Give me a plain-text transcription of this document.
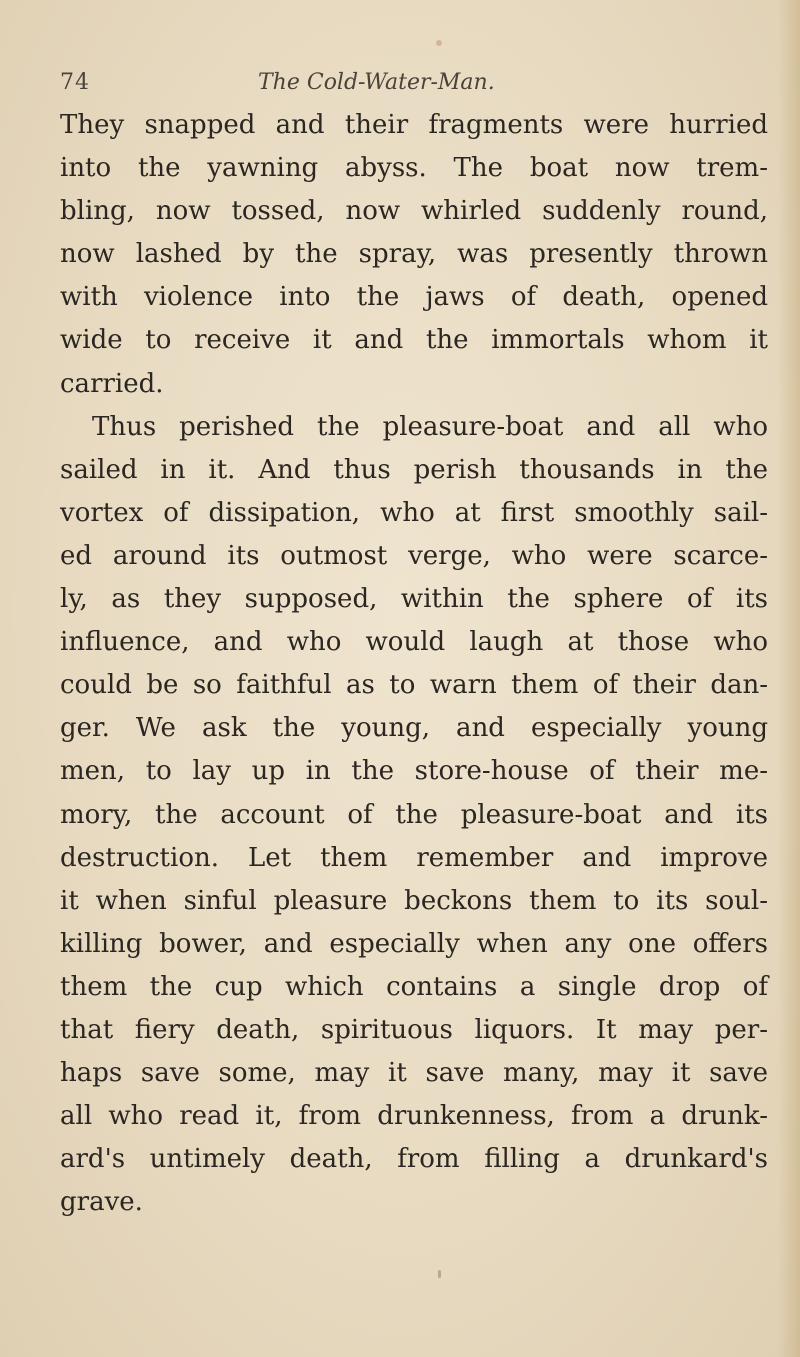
74	The Cold-Water-Man.
They snapped and their fragments were hurried
into the yawning abyss. The boat now trem-
bling, now tossed, now whirled suddenly round,
now lashed by the spray, was presently thrown
with violence into the jaws of death, opened
wide to receive it and the immortals whom it
carried.
Thus perished the pleasure-boat and all who
sailed in it. And thus perish thousands in the
vortex of dissipation, who at first smoothly sail-
ed around its outmost verge, who were scarce-
ly, as they supposed, within the sphere of its
influence, and who would laugh at those who
could be so faithful as to warn them of their dan-
ger. We ask the young, and especially young
men, to lay up in the store-house of their me-
mory, the account of the pleasure-boat and its
destruction. Let them remember and improve
it when sinful pleasure beckons them to its soul-
killing bower, and especially when any one offers
them the cup which contains a single drop of
that fiery death, spirituous liquors. It may per-
haps save some, may it save many, may it save
all who read it, from drunkenness, from a drunk-
ard's untimely death, from filling a drunkard's
grave.
